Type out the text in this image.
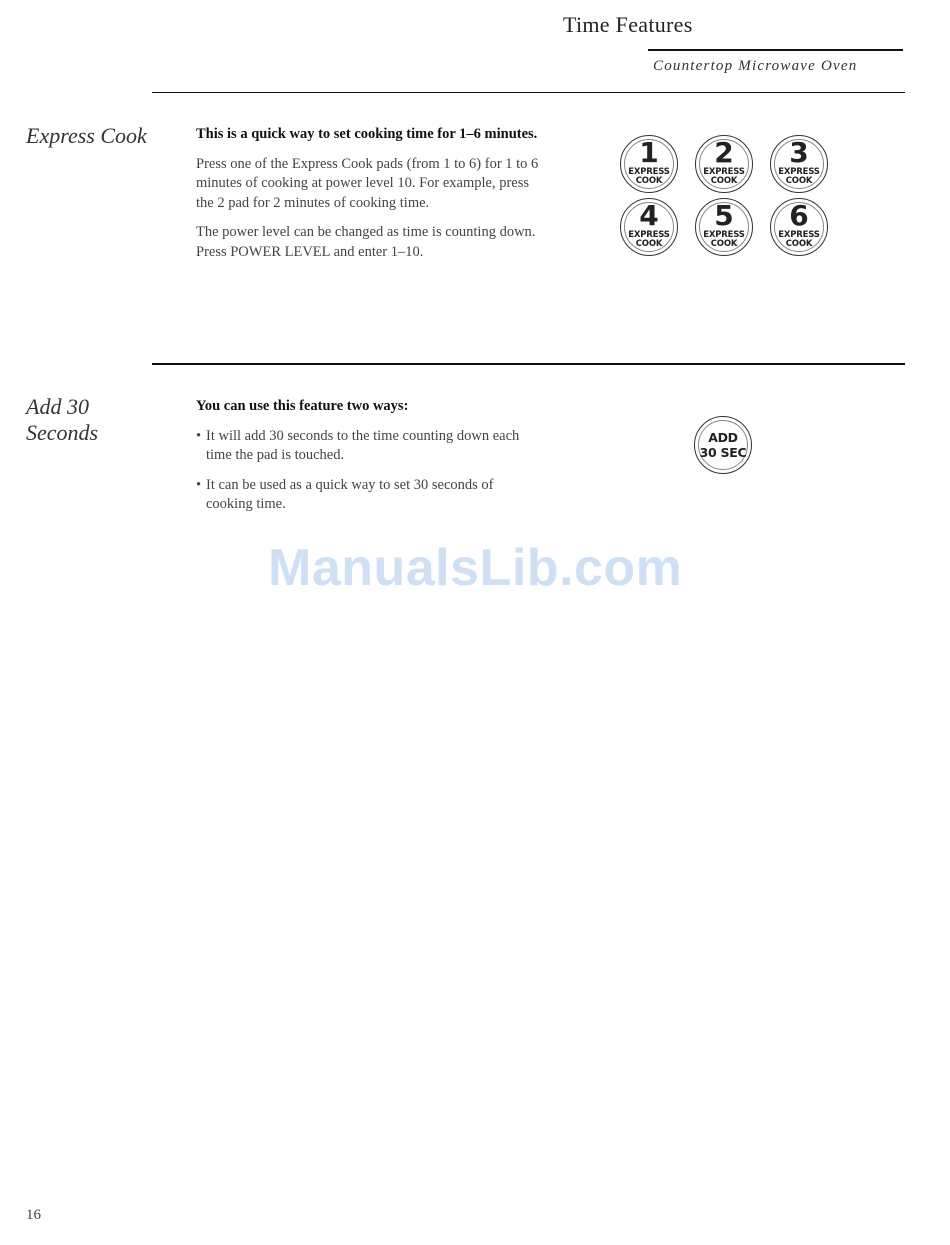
Time Features
Countertop Microwave Oven
Express Cook	This is a quick way to set cooking time for 1–6 minutes.

Press one of the Express Cook pads (from 1 to 6) for 1 to 6 minutes of cooking at power level 10. For example, press the 2 pad for 2 minutes of cooking time.

The power level can be changed as time is counting down. Press POWER LEVEL and enter 1–10.

1
EXPRESS
COOK
2
EXPRESS
COOK
3
EXPRESS
COOK
4
EXPRESS
COOK
5
EXPRESS
COOK
6
EXPRESS
COOK
Add 30
Seconds

You can use this feature two ways:

• It will add 30 seconds to the time counting down each time the pad is touched.
• It can be used as a quick way to set 30 seconds of cooking time.
ADD
30 SEC
ManualsLib.com
16
